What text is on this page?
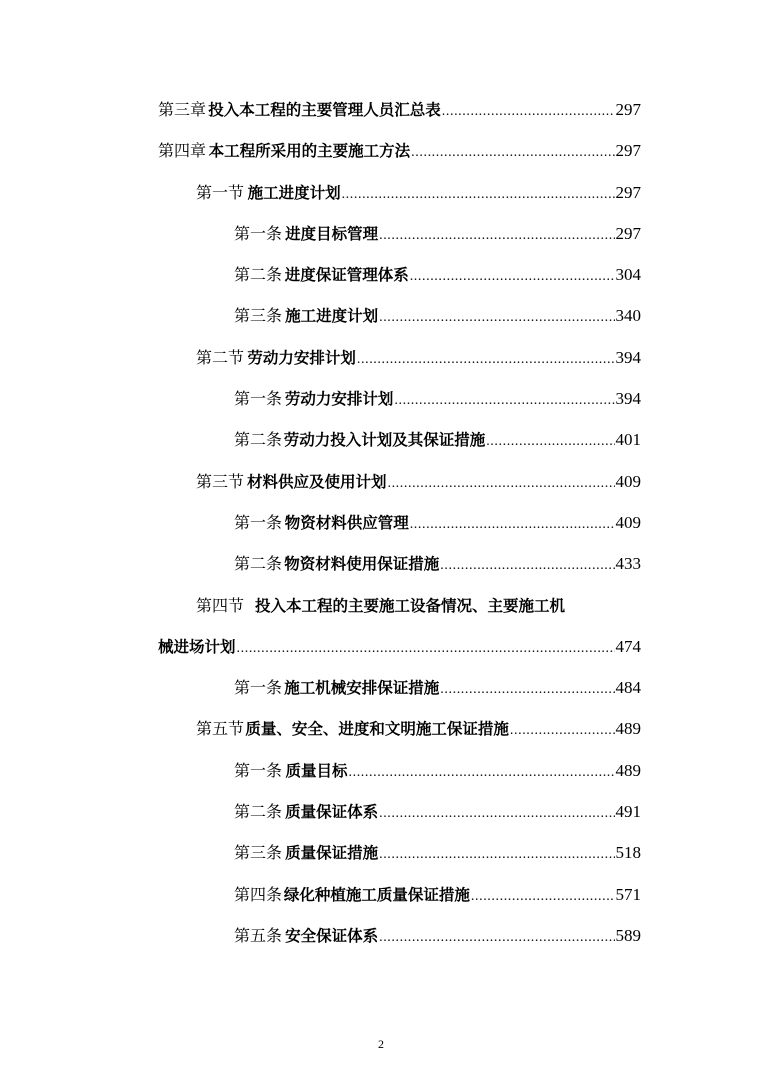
第三章 投入本工程的主要管理人员汇总表 .....	297
第四章 本工程所采用的主要施工方法 .....	297
第一节 施工进度计划 .....	297
第一条 进度目标管理 .....	297
第二条 进度保证管理体系 .....	304
第三条 施工进度计划 .....	340
第二节 劳动力安排计划 .....	394
第一条 劳动力安排计划 .....	394
第二条 劳动力投入计划及其保证措施 .....	401
第三节 材料供应及使用计划 .....	409
第一条 物资材料供应管理 .....	409
第二条 物资材料使用保证措施 .....	433
第四节 投入本工程的主要施工设备情况、主要施工机
械进场计划 .....	474
第一条 施工机械安排保证措施 .....	484
第五节 质量、安全、进度和文明施工保证措施 .....	489
第一条 质量目标 .....	489
第二条 质量保证体系 .....	491
第三条 质量保证措施 .....	518
第四条 绿化种植施工质量保证措施 .....	571
第五条 安全保证体系 .....	589
2
